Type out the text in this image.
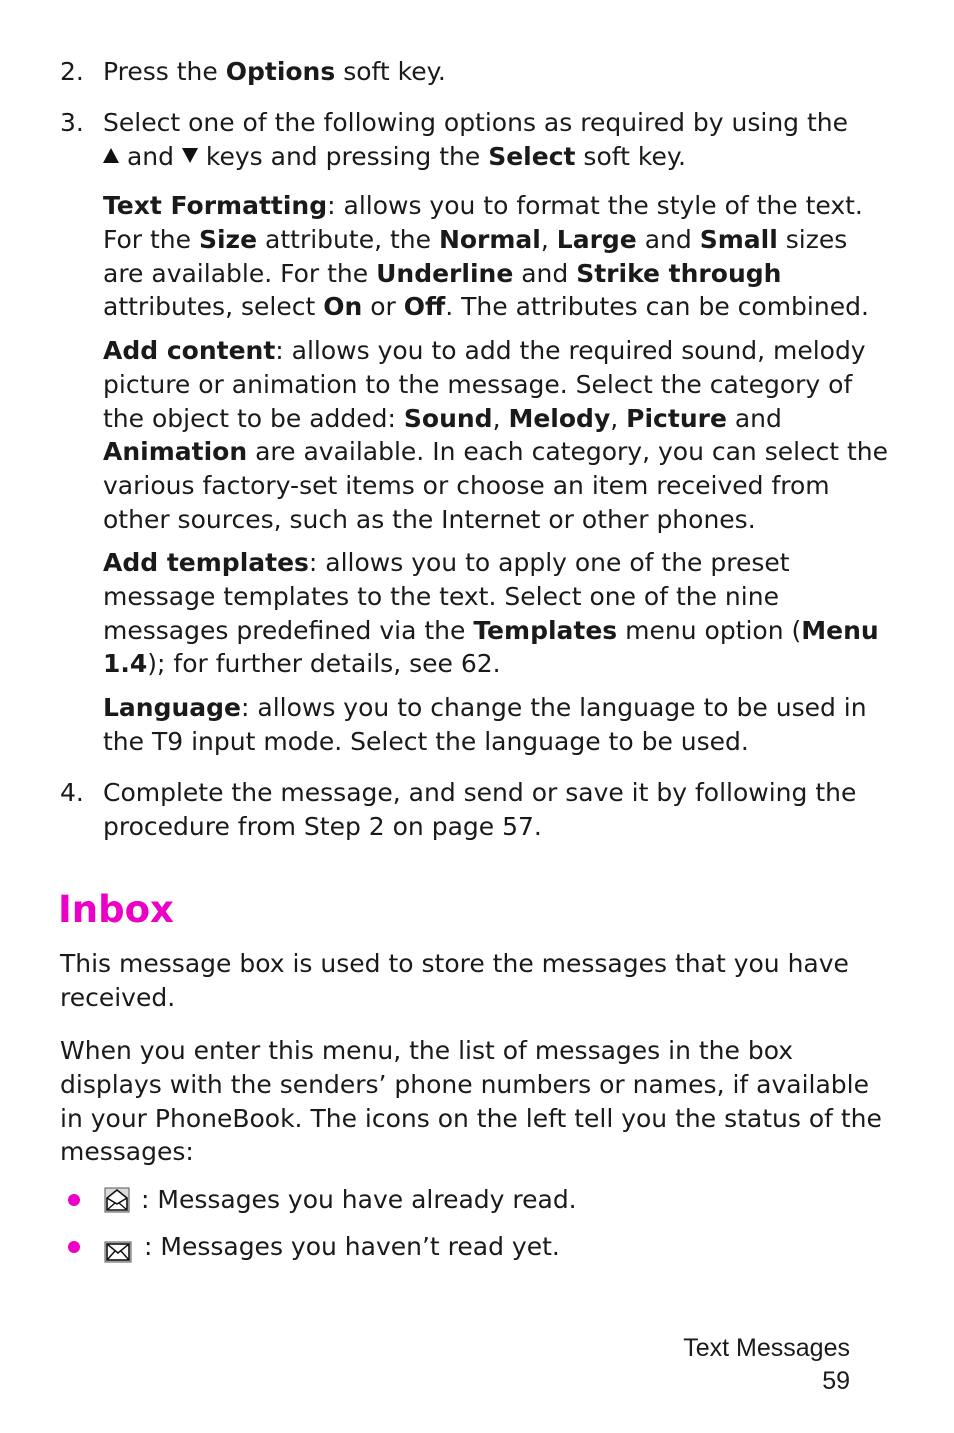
2. Press the Options soft key.
3. Select one of the following options as required by using the
and  keys and pressing the Select soft key.
Text Formatting: allows you to format the style of the text. For the Size attribute, the Normal, Large and Small sizes are available. For the Underline and Strike through attributes, select On or Off. The attributes can be combined.
Add content: allows you to add the required sound, melody picture or animation to the message. Select the category of the object to be added: Sound, Melody, Picture and Animation are available. In each category, you can select the various factory-set items or choose an item received from other sources, such as the Internet or other phones.
Add templates: allows you to apply one of the preset message templates to the text. Select one of the nine messages predefined via the Templates menu option (Menu 1.4); for further details, see 62.
Language: allows you to change the language to be used in the T9 input mode. Select the language to be used.
4. Complete the message, and send or save it by following the procedure from Step 2 on page 57.
Inbox
This message box is used to store the messages that you have received.
When you enter this menu, the list of messages in the box displays with the senders’ phone numbers or names, if available in your PhoneBook. The icons on the left tell you the status of the messages:
: Messages you have already read.
: Messages you haven’t read yet.
Text Messages
59
